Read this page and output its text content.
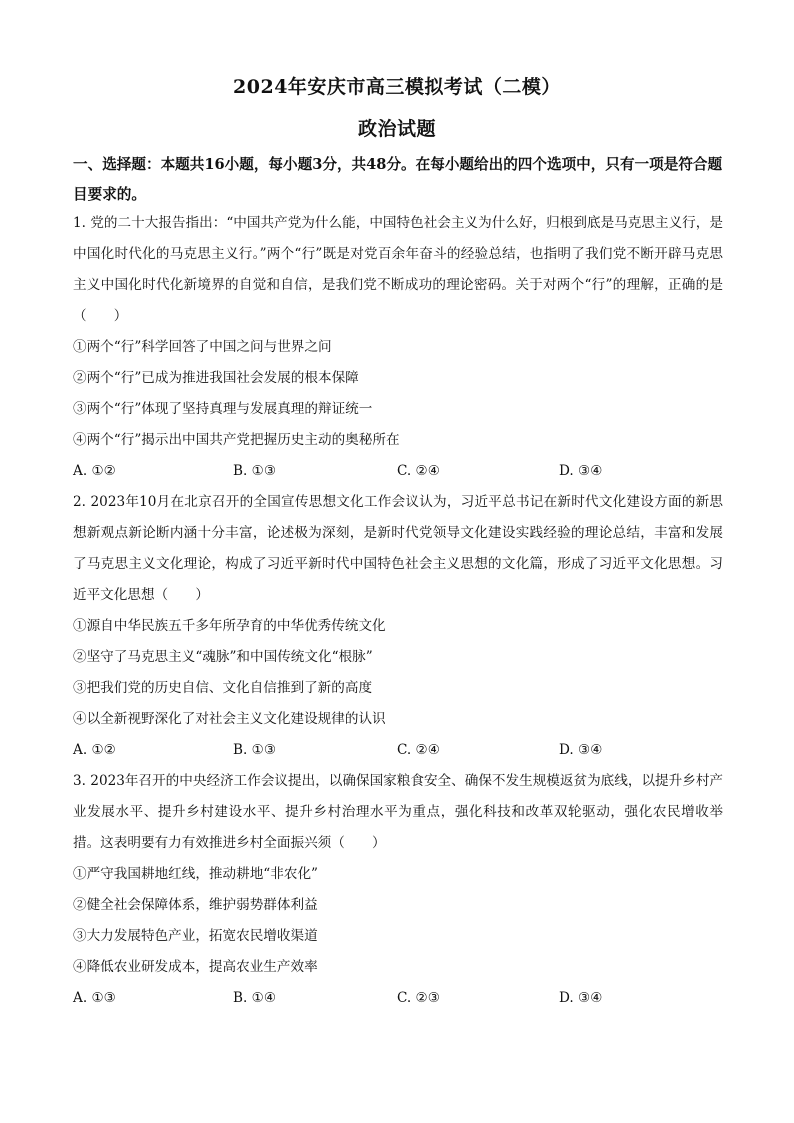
2024年安庆市高三模拟考试（二模）
政治试题
一、选择题：本题共16小题，每小题3分，共48分。在每小题给出的四个选项中，只有一项是符合题目要求的。

1. 党的二十大报告指出：“中国共产党为什么能，中国特色社会主义为什么好，归根到底是马克思主义行，是中国化时代化的马克思主义行。”两个“行”既是对党百余年奋斗的经验总结，也指明了我们党不断开辟马克思主义中国化时代化新境界的自觉和自信，是我们党不断成功的理论密码。关于对两个“行”的理解，正确的是（　　）

①两个“行”科学回答了中国之问与世界之问

②两个“行”已成为推进我国社会发展的根本保障

③两个“行”体现了坚持真理与发展真理的辩证统一

④两个“行”揭示出中国共产党把握历史主动的奥秘所在

A. ①②	B. ①③	C. ②④	D. ③④

2. 2023年10月在北京召开的全国宣传思想文化工作会议认为，习近平总书记在新时代文化建设方面的新思想新观点新论断内涵十分丰富，论述极为深刻，是新时代党领导文化建设实践经验的理论总结，丰富和发展了马克思主义文化理论，构成了习近平新时代中国特色社会主义思想的文化篇，形成了习近平文化思想。习近平文化思想（　　）

①源自中华民族五千多年所孕育的中华优秀传统文化

②坚守了马克思主义“魂脉”和中国传统文化“根脉”

③把我们党的历史自信、文化自信推到了新的高度

④以全新视野深化了对社会主义文化建设规律的认识

A. ①②	B. ①③	C. ②④	D. ③④

3. 2023年召开的中央经济工作会议提出，以确保国家粮食安全、确保不发生规模返贫为底线，以提升乡村产业发展水平、提升乡村建设水平、提升乡村治理水平为重点，强化科技和改革双轮驱动，强化农民增收举措。这表明要有力有效推进乡村全面振兴须（　　）

①严守我国耕地红线，推动耕地“非农化”

②健全社会保障体系，维护弱势群体利益

③大力发展特色产业，拓宽农民增收渠道

④降低农业研发成本，提高农业生产效率

A. ①③	B. ①④	C. ②③	D. ③④
